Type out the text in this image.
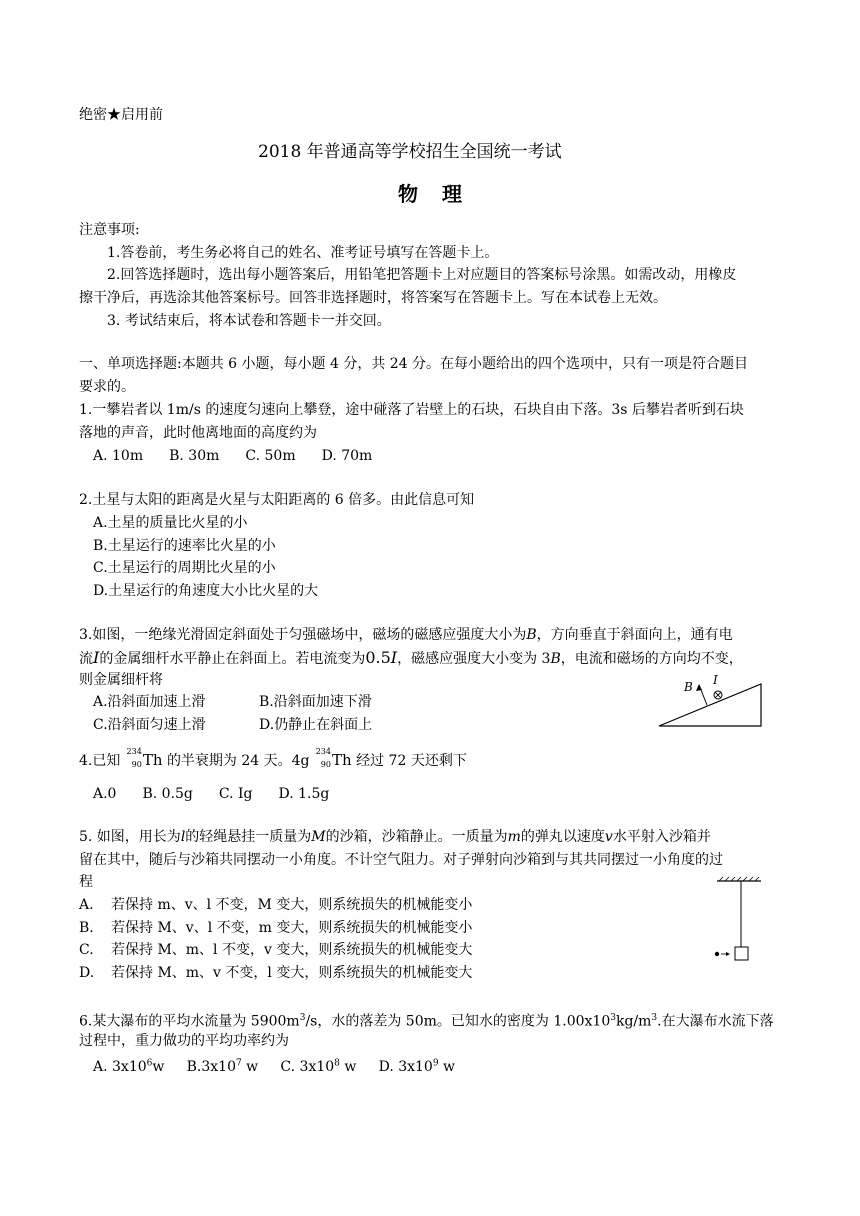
绝密★启用前
2018 年普通高等学校招生全国统一考试
物理
注意事项:
1.答卷前，考生务必将自己的姓名、准考证号填写在答题卡上。
2.回答选择题时，选出每小题答案后，用铅笔把答题卡上对应题目的答案标号涂黑。如需改动，用橡皮
擦干净后，再选涂其他答案标号。回答非选择题时，将答案写在答题卡上。写在本试卷上无效。
3. 考试结束后，将本试卷和答题卡一并交回。
一、单项选择题:本题共 6 小题，每小题 4 分，共 24 分。在每小题给出的四个选项中，只有一项是符合题目
要求的。
1.一攀岩者以 1m/s 的速度匀速向上攀登，途中碰落了岩壁上的石块，石块自由下落。3s 后攀岩者听到石块
落地的声音，此时他离地面的高度约为
A. 10m B. 30m C. 50m D. 70m
2.土星与太阳的距离是火星与太阳距离的 6 倍多。由此信息可知
A.土星的质量比火星的小
B.土星运行的速率比火星的小
C.土星运行的周期比火星的小
D.土星运行的角速度大小比火星的大
3.如图，一绝缘光滑固定斜面处于匀强磁场中，磁场的磁感应强度大小为B，方向垂直于斜面向上，通有电
流I的金属细杆水平静止在斜面上。若电流变为0.5I，磁感应强度大小变为 3B，电流和磁场的方向均不变，
则金属细杆将
A.沿斜面加速上滑	B.沿斜面加速下滑
C.沿斜面匀速上滑	D.仍静止在斜面上
B I
4.已知
234
90 Th 的半衰期为 24 天。4g
234
90 Th 经过 72 天还剩下
A.0 B. 0.5g C. Ig D. 1.5g
5. 如图，用长为l的轻绳悬挂一质量为M的沙箱，沙箱静止。一质量为m的弹丸以速度v水平射入沙箱并
留在其中，随后与沙箱共同摆动一小角度。不计空气阻力。对子弹射向沙箱到与其共同摆过一小角度的过
程
A. 若保持 m、v、l 不变，M 变大，则系统损失的机械能变小
B. 若保持 M、v、l 不变，m 变大，则系统损失的机械能变小
C. 若保持 M、m、l 不变，v 变大，则系统损失的机械能变大
D. 若保持 M、m、v 不变，l 变大，则系统损失的机械能变大
6.某大瀑布的平均水流量为 $5900m^3/s$，水的落差为 50m。已知水的密度为 $1.00x10^3kg/m^3$.在大瀑布水流下落
过程中，重力做功的平均功率约为
A. $3x10^6w$ $B.3x10^7$ w C. $3x10^8$ w D. $3x10^9$ w
